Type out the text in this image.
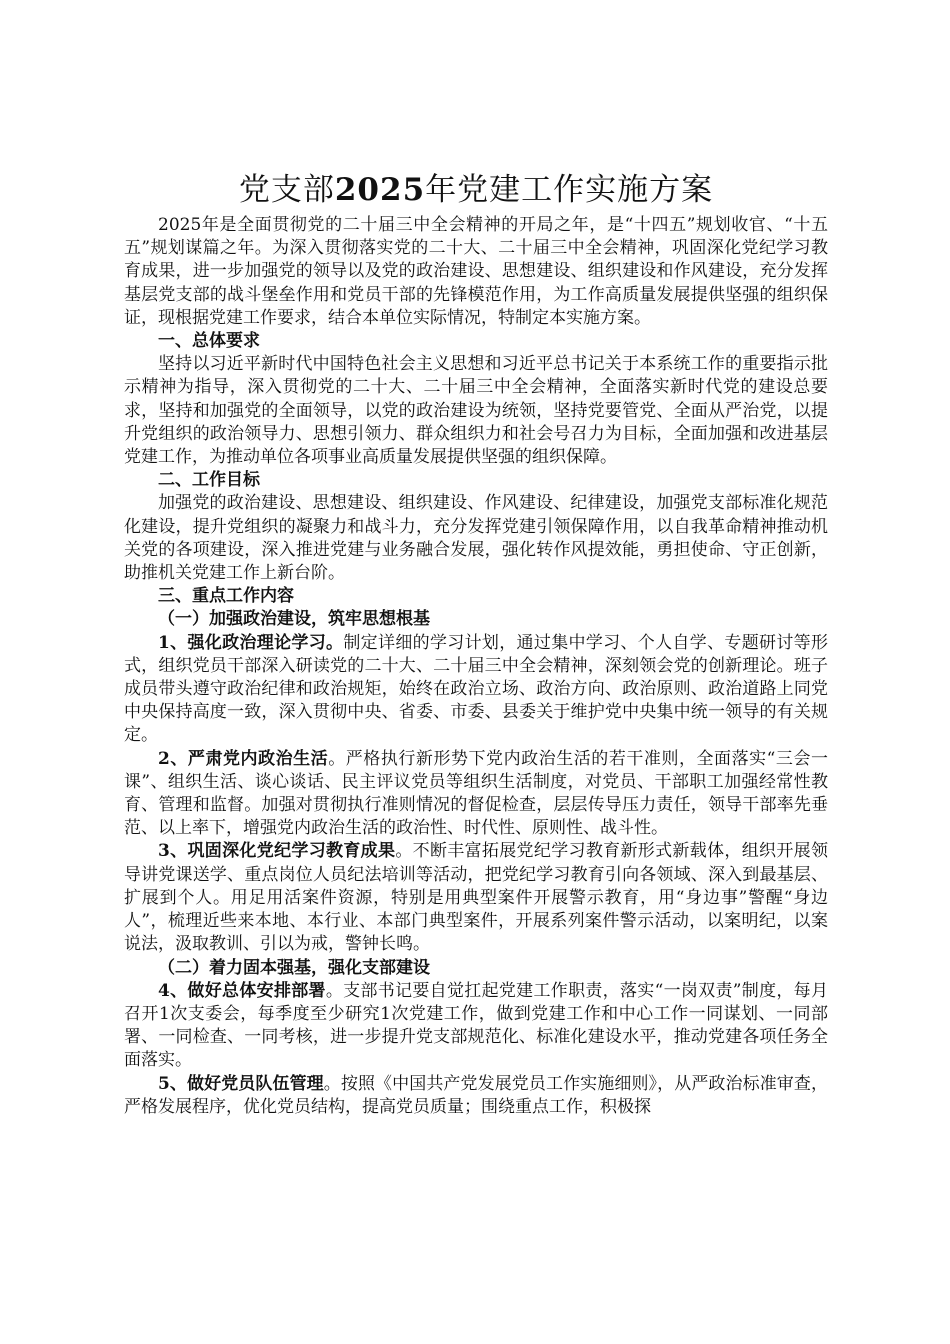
党支部2025年党建工作实施方案

2025年是全面贯彻党的二十届三中全会精神的开局之年，是“十四五”规划收官、“十五五”规划谋篇之年。为深入贯彻落实党的二十大、二十届三中全会精神，巩固深化党纪学习教育成果，进一步加强党的领导以及党的政治建设、思想建设、组织建设和作风建设，充分发挥基层党支部的战斗堡垒作用和党员干部的先锋模范作用，为工作高质量发展提供坚强的组织保证，现根据党建工作要求，结合本单位实际情况，特制定本实施方案。

一、总体要求

坚持以习近平新时代中国特色社会主义思想和习近平总书记关于本系统工作的重要指示批示精神为指导，深入贯彻党的二十大、二十届三中全会精神，全面落实新时代党的建设总要求，坚持和加强党的全面领导，以党的政治建设为统领，坚持党要管党、全面从严治党，以提升党组织的政治领导力、思想引领力、群众组织力和社会号召力为目标，全面加强和改进基层党建工作，为推动单位各项事业高质量发展提供坚强的组织保障。

二、工作目标

加强党的政治建设、思想建设、组织建设、作风建设、纪律建设，加强党支部标准化规范化建设，提升党组织的凝聚力和战斗力，充分发挥党建引领保障作用，以自我革命精神推动机关党的各项建设，深入推进党建与业务融合发展，强化转作风提效能，勇担使命、守正创新，助推机关党建工作上新台阶。

三、重点工作内容

（一）加强政治建设，筑牢思想根基

1、强化政治理论学习。制定详细的学习计划，通过集中学习、个人自学、专题研讨等形式，组织党员干部深入研读党的二十大、二十届三中全会精神，深刻领会党的创新理论。班子成员带头遵守政治纪律和政治规矩，始终在政治立场、政治方向、政治原则、政治道路上同党中央保持高度一致，深入贯彻中央、省委、市委、县委关于维护党中央集中统一领导的有关规定。

2、严肃党内政治生活。严格执行新形势下党内政治生活的若干准则，全面落实“三会一课”、组织生活、谈心谈话、民主评议党员等组织生活制度，对党员、干部职工加强经常性教育、管理和监督。加强对贯彻执行准则情况的督促检查，层层传导压力责任，领导干部率先垂范、以上率下，增强党内政治生活的政治性、时代性、原则性、战斗性。

3、巩固深化党纪学习教育成果。不断丰富拓展党纪学习教育新形式新载体，组织开展领导讲党课送学、重点岗位人员纪法培训等活动，把党纪学习教育引向各领域、深入到最基层、扩展到个人。用足用活案件资源，特别是用典型案件开展警示教育，用“身边事”警醒“身边人”，梳理近些来本地、本行业、本部门典型案件，开展系列案件警示活动，以案明纪，以案说法，汲取教训、引以为戒，警钟长鸣。

（二）着力固本强基，强化支部建设

4、做好总体安排部署。支部书记要自觉扛起党建工作职责，落实“一岗双责”制度，每月召开1次支委会，每季度至少研究1次党建工作，做到党建工作和中心工作一同谋划、一同部署、一同检查、一同考核，进一步提升党支部规范化、标准化建设水平，推动党建各项任务全面落实。

5、做好党员队伍管理。按照《中国共产党发展党员工作实施细则》，从严政治标准审查，严格发展程序，优化党员结构，提高党员质量；围绕重点工作，积极探
